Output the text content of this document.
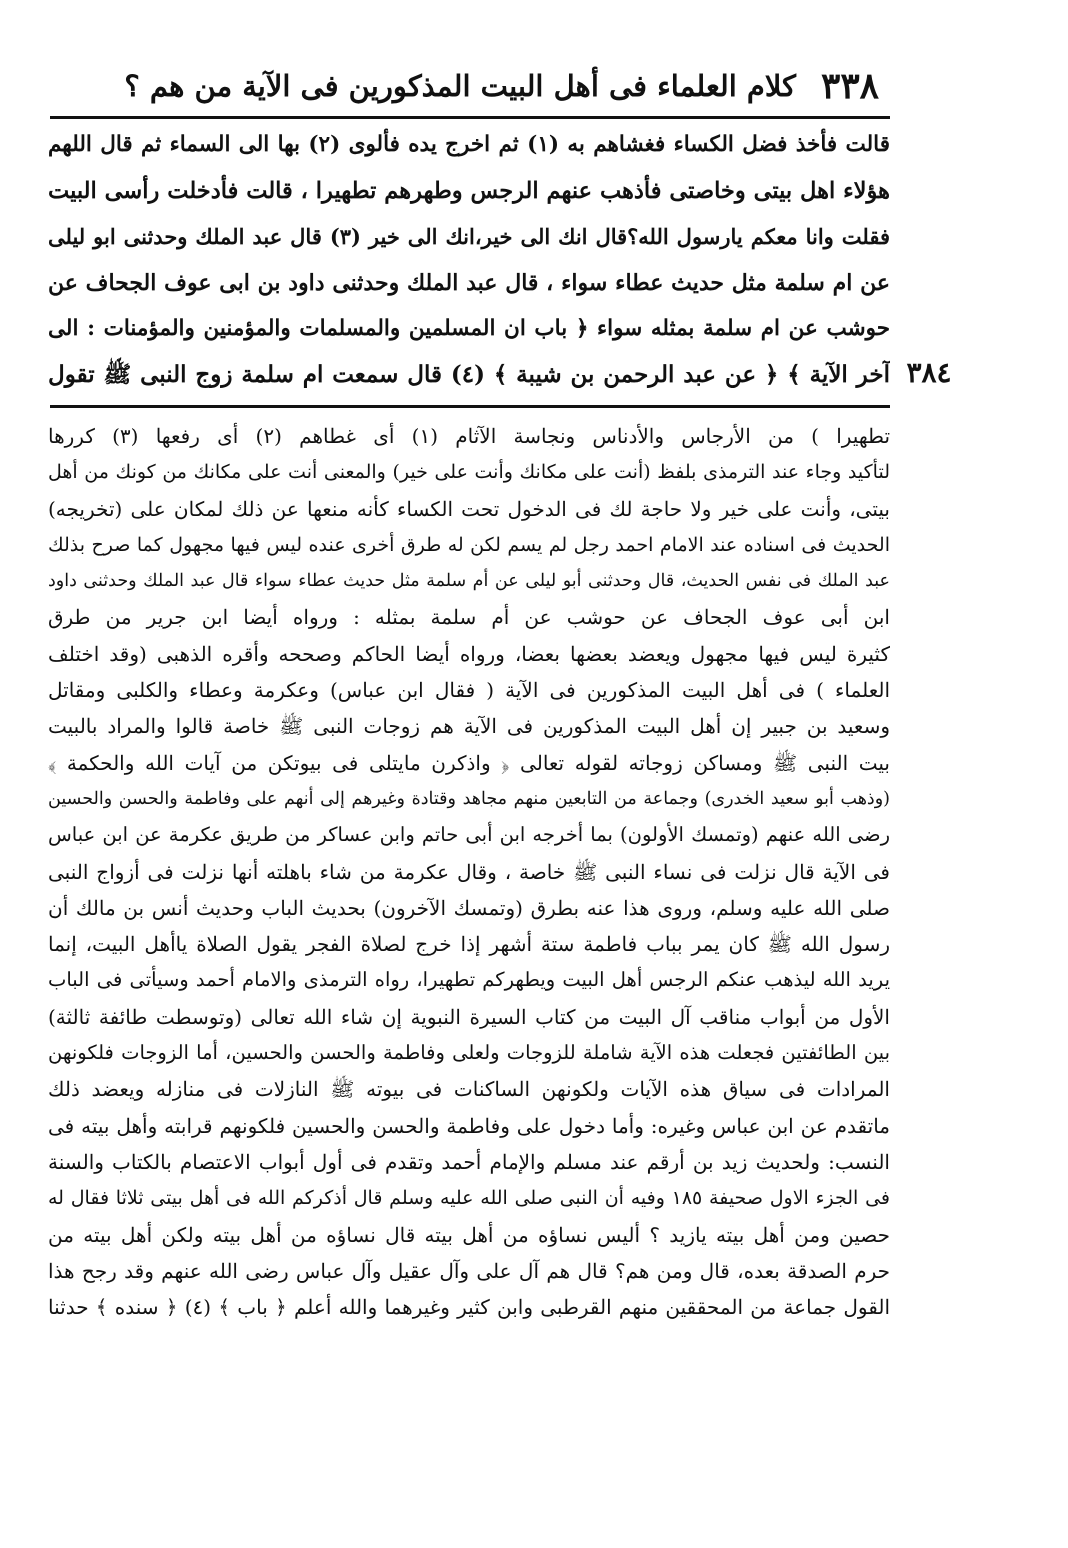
٣٣٨
كلام العلماء فى أهل البيت المذكورين فى الآية من هم ؟
قالت فأخذ فضل الكساء فغشاهم به (١) ثم اخرج يده فألوى (٢) بها الى السماء ثم قال اللهم
هؤلاء اهل بيتى وخاصتى فأذهب عنهم الرجس وطهرهم تطهيرا ، قالت فأدخلت رأسى البيت
فقلت وانا معكم يارسول الله؟قال انك الى خير،انك الى خير (٣) قال عبد الملك وحدثنى ابو ليلى
عن ام سلمة مثل حديث عطاء سواء ، قال عبد الملك وحدثنى داود بن ابى عوف الجحاف عن
حوشب عن ام سلمة بمثله سواء ﴿ باب ان المسلمين والمسلمات والمؤمنين والمؤمنات : الى
آخر الآية ﴾ ﴿ عن عبد الرحمن بن شيبة ﴾ (٤) قال سمعت ام سلمة زوج النبى ﷺ تقول ٣٨٤
تطهيرا ) من الأرجاس والأدناس ونجاسة الآثام (١) أى غطاهم (٢) أى رفعها (٣) كررها
لتأكيد وجاء عند الترمذى بلفظ (أنت على مكانك وأنت على خير) والمعنى أنت على مكانك من كونك من أهل
بيتى، وأنت على خير ولا حاجة لك فى الدخول تحت الكساء كأنه منعها عن ذلك لمكان على (تخريجه)
الحديث فى اسناده عند الامام احمد رجل لم يسم لكن له طرق أخرى عنده ليس فيها مجهول كما صرح بذلك
عبد الملك فى نفس الحديث، قال وحدثنى أبو ليلى عن أم سلمة مثل حديث عطاء سواء قال عبد الملك وحدثنى داود
ابن أبى عوف الجحاف عن حوشب عن أم سلمة بمثله : ورواه أيضا ابن جرير من طرق
كثيرة ليس فيها مجهول ويعضد بعضها بعضا، ورواه أيضا الحاكم وصححه وأقره الذهبى (وقد اختلف
العلماء ) فى أهل البيت المذكورين فى الآية ( فقال ابن عباس) وعكرمة وعطاء والكلبى ومقاتل
وسعيد بن جبير إن أهل البيت المذكورين فى الآية هم زوجات النبى ﷺ خاصة قالوا والمراد بالبيت
بيت النبى ﷺ ومساكن زوجاته لقوله تعالى ﴿ واذكرن مايتلى فى بيوتكن من آيات الله والحكمة ﴾
(وذهب أبو سعيد الخدرى) وجماعة من التابعين منهم مجاهد وقتادة وغيرهم إلى أنهم على وفاطمة والحسن والحسين
رضى الله عنهم (وتمسك الأولون) بما أخرجه ابن أبى حاتم وابن عساكر من طريق عكرمة عن ابن عباس
فى الآية قال نزلت فى نساء النبى ﷺ خاصة ، وقال عكرمة من شاء باهلته أنها نزلت فى أزواج النبى
صلى الله عليه وسلم، وروى هذا عنه بطرق (وتمسك الآخرون) بحديث الباب وحديث أنس بن مالك أن
رسول الله ﷺ كان يمر بباب فاطمة ستة أشهر إذا خرج لصلاة الفجر يقول الصلاة ياأهل البيت، إنما
يريد الله ليذهب عنكم الرجس أهل البيت ويطهركم تطهيرا، رواه الترمذى والامام أحمد وسيأتى فى الباب
الأول من أبواب مناقب آل البيت من كتاب السيرة النبوية إن شاء الله تعالى (وتوسطت طائفة ثالثة)
بين الطائفتين فجعلت هذه الآية شاملة للزوجات ولعلى وفاطمة والحسن والحسين، أما الزوجات فلكونهن
المرادات فى سياق هذه الآيات ولكونهن الساكنات فى بيوته ﷺ النازلات فى منازله ويعضد ذلك
ماتقدم عن ابن عباس وغيره: وأما دخول على وفاطمة والحسن والحسين فلكونهم قرابته وأهل بيته فى
النسب: ولحديث زيد بن أرقم عند مسلم والإمام أحمد وتقدم فى أول أبواب الاعتصام بالكتاب والسنة
فى الجزء الاول صحيفة ١٨٥ وفيه أن النبى صلى الله عليه وسلم قال أذكركم الله فى أهل بيتى ثلاثا فقال له
حصين ومن أهل بيته يازيد ؟ أليس نساؤه من أهل بيته قال نساؤه من أهل بيته ولكن أهل بيته من
حرم الصدقة بعده، قال ومن هم؟ قال هم آل على وآل عقيل وآل عباس رضى الله عنهم وقد رجح هذا
القول جماعة من المحققين منهم القرطبى وابن كثير وغيرهما والله أعلم ﴿ باب ﴾ (٤) ﴿ سنده ﴾ حدثنا
